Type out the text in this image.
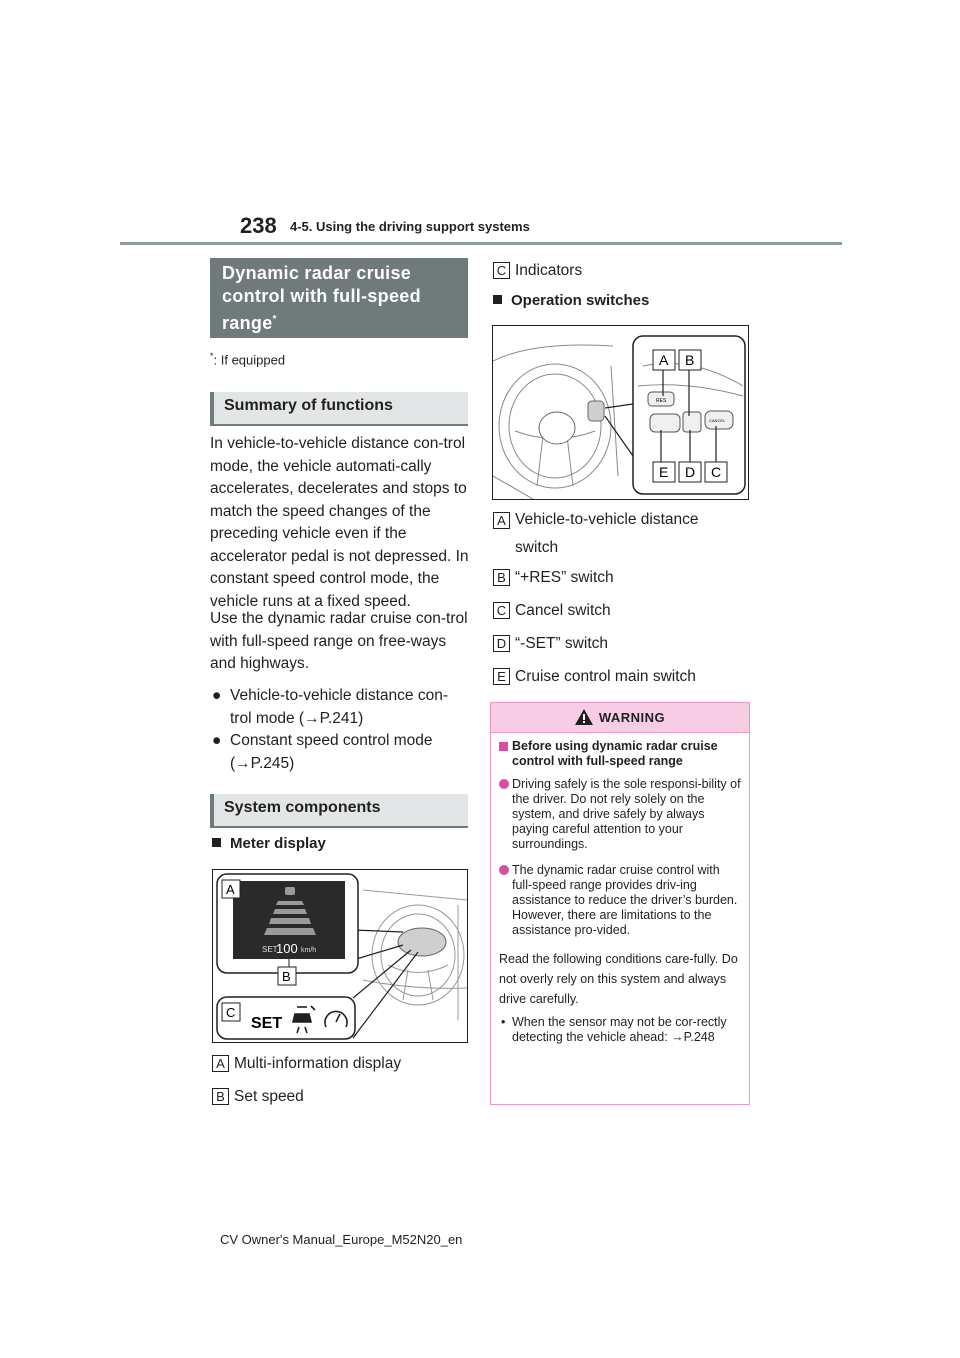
238 4-5. Using the driving support systems
Dynamic radar cruise control with full-speed range*
*: If equipped
Summary of functions
In vehicle-to-vehicle distance con-trol mode, the vehicle automati-cally accelerates, decelerates and stops to match the speed changes of the preceding vehicle even if the accelerator pedal is not depressed. In constant speed control mode, the vehicle runs at a fixed speed.
Use the dynamic radar cruise con-trol with full-speed range on free-ways and highways.
● Vehicle-to-vehicle distance con-trol mode (→P.241)
● Constant speed control mode (→P.245)
System components
Meter display
SET
100 km/h
A
B
C
SET
A Multi-information display
B Set speed
C Indicators
Operation switches
RES
CANCEL
A B
E D C
A Vehicle-to-vehicle distance switch
B “+RES” switch
C Cancel switch
D “-SET” switch
E Cruise control main switch
WARNING
Before using dynamic radar cruise control with full-speed range
Driving safely is the sole responsi-bility of the driver. Do not rely solely on the system, and drive safely by always paying careful attention to your surroundings.
The dynamic radar cruise control with full-speed range provides driv-ing assistance to reduce the driver’s burden. However, there are limitations to the assistance pro-vided.
Read the following conditions care-fully. Do not overly rely on this system and always drive carefully.
• When the sensor may not be cor-rectly detecting the vehicle ahead: →P.248
CV Owner's Manual_Europe_M52N20_en
